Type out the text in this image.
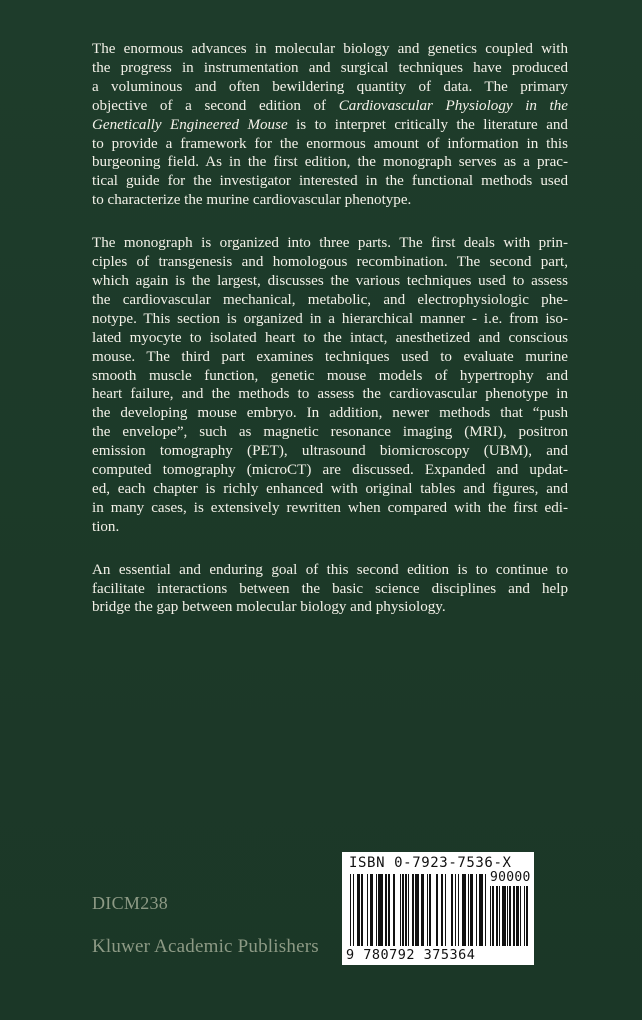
The enormous advances in molecular biology and genetics coupled with
the progress in instrumentation and surgical techniques have produced
a voluminous and often bewildering quantity of data. The primary
objective of a second edition of Cardiovascular Physiology in the
Genetically Engineered Mouse is to interpret critically the literature and
to provide a framework for the enormous amount of information in this
burgeoning field. As in the first edition, the monograph serves as a prac-
tical guide for the investigator interested in the functional methods used
to characterize the murine cardiovascular phenotype.

The monograph is organized into three parts. The first deals with prin-
ciples of transgenesis and homologous recombination. The second part,
which again is the largest, discusses the various techniques used to assess
the cardiovascular mechanical, metabolic, and electrophysiologic phe-
notype. This section is organized in a hierarchical manner - i.e. from iso-
lated myocyte to isolated heart to the intact, anesthetized and conscious
mouse. The third part examines techniques used to evaluate murine
smooth muscle function, genetic mouse models of hypertrophy and
heart failure, and the methods to assess the cardiovascular phenotype in
the developing mouse embryo. In addition, newer methods that “push
the envelope”, such as magnetic resonance imaging (MRI), positron
emission tomography (PET), ultrasound biomicroscopy (UBM), and
computed tomography (microCT) are discussed. Expanded and updat-
ed, each chapter is richly enhanced with original tables and figures, and
in many cases, is extensively rewritten when compared with the first edi-
tion.

An essential and enduring goal of this second edition is to continue to
facilitate interactions between the basic science disciplines and help
bridge the gap between molecular biology and physiology.

DICM238
Kluwer Academic Publishers
ISBN 0-7923-7536-X
90000
9 780792 375364
